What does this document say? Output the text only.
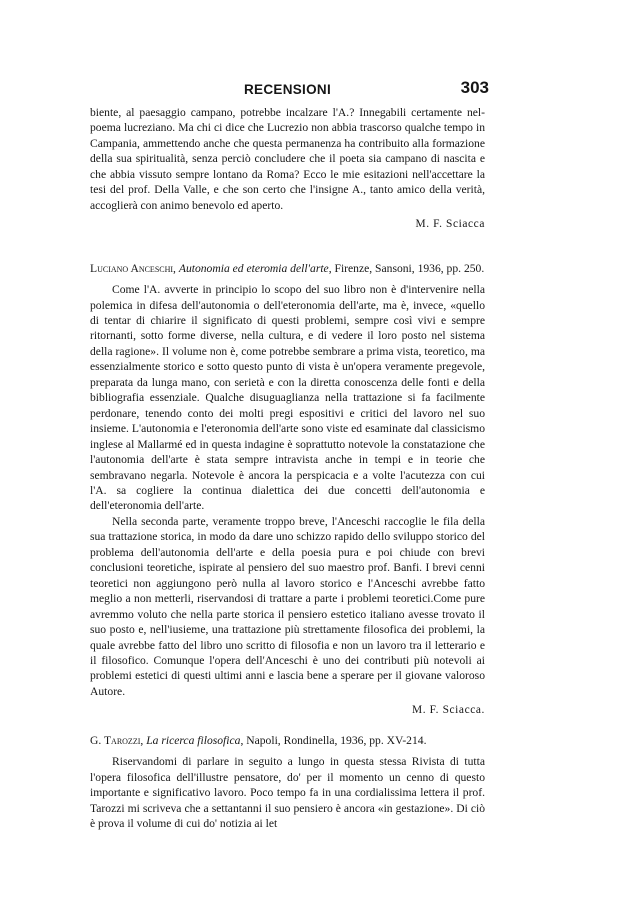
RECENSIONI	303

biente, al paesaggio campano, potrebbe incalzare l'A.? Innegabili certamente nelpoema lucreziano. Ma chi ci dice che Lucrezio non abbia trascorso qualche tempo in Campania, ammettendo anche che questa permanenza ha contribuito alla formazione della sua spiritualità, senza perciò concludere che il poeta sia campano di nascita e che abbia vissuto sempre lontano da Roma? Ecco le mie esitazioni nell'accettare la tesi del prof. Della Valle, e che son certo che l'insigne A., tanto amico della verità, accoglierà con animo benevolo ed aperto.

M. F. Sciacca

Luciano Anceschi, Autonomia ed eteromia dell'arte, Firenze, Sansoni, 1936, pp. 250.

Come l'A. avverte in principio lo scopo del suo libro non è d'intervenire nella polemica in difesa dell'autonomia o dell'eteronomia dell'arte, ma è, invece, «quello di tentar di chiarire il significato di questi problemi, sempre così vivi e sempre ritornanti, sotto forme diverse, nella cultura, e di vedere il loro posto nel sistema della ragione». Il volume non è, come potrebbe sembrare a prima vista, teoretico, ma essenzialmente storico e sotto questo punto di vista è un'opera veramente pregevole, preparata da lunga mano, con serietà e con la diretta conoscenza delle fonti e della bibliografia essenziale. Qualche disuguaglianza nella trattazione si fa facilmente perdonare, tenendo conto dei molti pregi espositivi e critici del lavoro nel suo insieme. L'autonomia e l'eteronomia dell'arte sono viste ed esaminate dal classicismo inglese al Mallarmé ed in questa indagine è soprattutto notevole la constatazione che l'autonomia dell'arte è stata sempre intravista anche in tempi e in teorie che sembravano negarla. Notevole è ancora la perspicacia e a volte l'acutezza con cui l'A. sa cogliere la continua dialettica dei due concetti dell'autonomia e dell'eteronomia dell'arte.

Nella seconda parte, veramente troppo breve, l'Anceschi raccoglie le fila della sua trattazione storica, in modo da dare uno schizzo rapido dello sviluppo storico del problema dell'autonomia dell'arte e della poesia pura e poi chiude con brevi conclusioni teoretiche, ispirate al pensiero del suo maestro prof. Banfi. I brevi cenni teoretici non aggiungono però nulla al lavoro storico e l'Anceschi avrebbe fatto meglio a non metterli, riservandosi di trattare a parte i problemi teoretici.Come pure avremmo voluto che nella parte storica il pensiero estetico italiano avesse trovato il suo posto e, nell'iusieme, una trattazione più strettamente filosofica dei problemi, la quale avrebbe fatto del libro uno scritto di filosofia e non un lavoro tra il letterario e il filosofico. Comunque l'opera dell'Anceschi è uno dei contributi più notevoli ai problemi estetici di questi ultimi anni e lascia bene a sperare per il giovane valoroso Autore.

M. F. Sciacca.

G. Tarozzi, La ricerca filosofica, Napoli, Rondinella, 1936, pp. XV-214.

Riservandomi di parlare in seguito a lungo in questa stessa Rivista di tutta l'opera filosofica dell'illustre pensatore, do' per il momento un cenno di questo importante e significativo lavoro. Poco tempo fa in una cordialissima lettera il prof. Tarozzi mi scriveva che a settantanni il suo pensiero è ancora «in gestazione». Di ciò è prova il volume di cui do' notizia ai let
